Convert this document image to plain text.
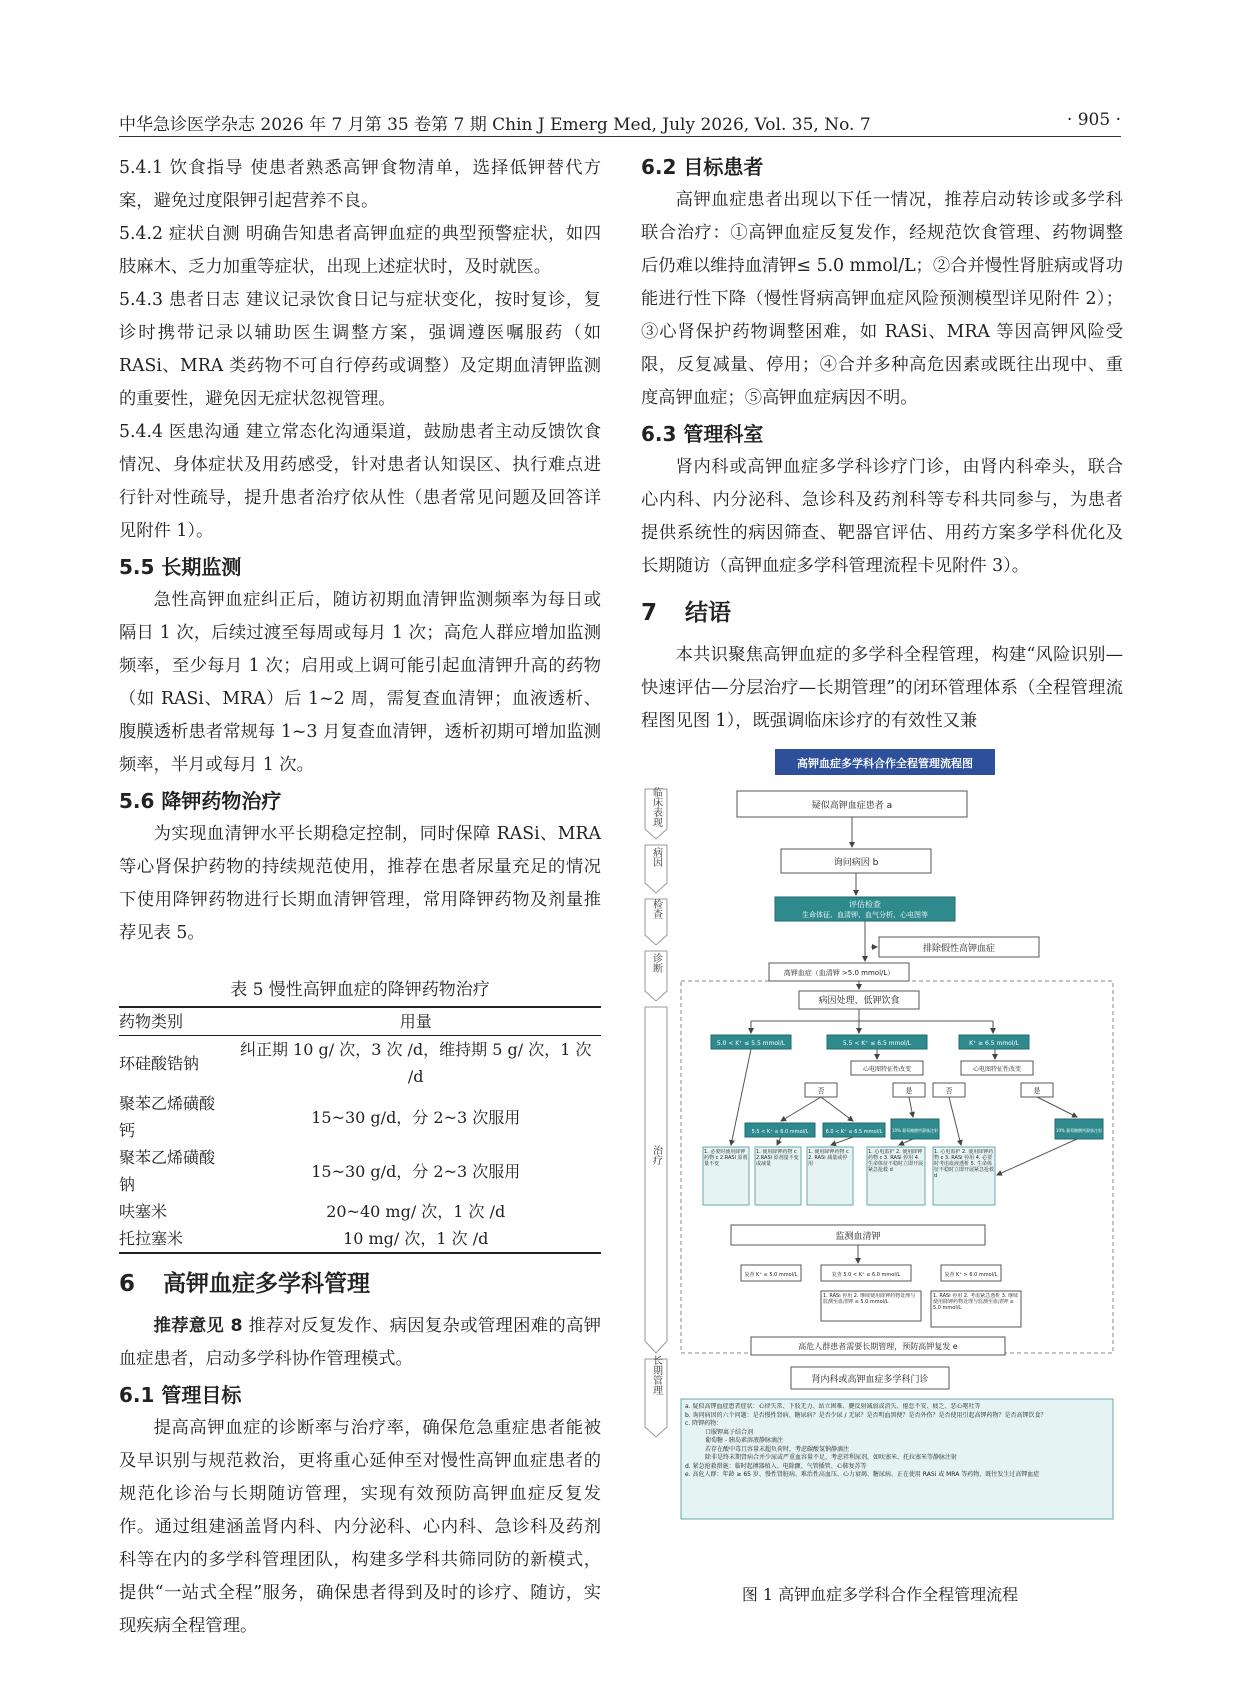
中华急诊医学杂志 2026 年 7 月第 35 卷第 7 期 Chin J Emerg Med, July 2026, Vol. 35, No. 7	· 905 ·

5.4.1 饮食指导 使患者熟悉高钾食物清单，选择低钾替代方案，避免过度限钾引起营养不良。

5.4.2 症状自测 明确告知患者高钾血症的典型预警症状，如四肢麻木、乏力加重等症状，出现上述症状时，及时就医。

5.4.3 患者日志 建议记录饮食日记与症状变化，按时复诊，复诊时携带记录以辅助医生调整方案，强调遵医嘱服药（如 RASi、MRA 类药物不可自行停药或调整）及定期血清钾监测的重要性，避免因无症状忽视管理。

5.4.4 医患沟通 建立常态化沟通渠道，鼓励患者主动反馈饮食情况、身体症状及用药感受，针对患者认知误区、执行难点进行针对性疏导，提升患者治疗依从性（患者常见问题及回答详见附件 1）。

5.5 长期监测

急性高钾血症纠正后，随访初期血清钾监测频率为每日或隔日 1 次，后续过渡至每周或每月 1 次；高危人群应增加监测频率，至少每月 1 次；启用或上调可能引起血清钾升高的药物（如 RASi、MRA）后 1~2 周，需复查血清钾；血液透析、腹膜透析患者常规每 1~3 月复查血清钾，透析初期可增加监测频率，半月或每月 1 次。

5.6 降钾药物治疗

为实现血清钾水平长期稳定控制，同时保障 RASi、MRA 等心肾保护药物的持续规范使用，推荐在患者尿量充足的情况下使用降钾药物进行长期血清钾管理，常用降钾药物及剂量推荐见表 5。

表 5 慢性高钾血症的降钾药物治疗
药物类别	用量
环硅酸锆钠	纠正期 10 g/ 次，3 次 /d，维持期 5 g/ 次，1 次 /d
聚苯乙烯磺酸钙	15~30 g/d，分 2~3 次服用
聚苯乙烯磺酸钠	15~30 g/d，分 2~3 次服用
呋塞米	20~40 mg/ 次，1 次 /d
托拉塞米	10 mg/ 次，1 次 /d
6 高钾血症多学科管理

推荐意见 8 推荐对反复发作、病因复杂或管理困难的高钾血症患者，启动多学科协作管理模式。

6.1 管理目标

提高高钾血症的诊断率与治疗率，确保危急重症患者能被及早识别与规范救治，更将重心延伸至对慢性高钾血症患者的规范化诊治与长期随访管理，实现有效预防高钾血症反复发作。通过组建涵盖肾内科、内分泌科、心内科、急诊科及药剂科等在内的多学科管理团队，构建多学科共筛同防的新模式，提供“一站式全程”服务，确保患者得到及时的诊疗、随访，实现疾病全程管理。

6.2 目标患者

高钾血症患者出现以下任一情况，推荐启动转诊或多学科联合治疗：①高钾血症反复发作，经规范饮食管理、药物调整后仍难以维持血清钾≤ 5.0 mmol/L；②合并慢性肾脏病或肾功能进行性下降（慢性肾病高钾血症风险预测模型详见附件 2）；③心肾保护药物调整困难，如 RASi、MRA 等因高钾风险受限，反复减量、停用；④合并多种高危因素或既往出现中、重度高钾血症；⑤高钾血症病因不明。

6.3 管理科室

肾内科或高钾血症多学科诊疗门诊，由肾内科牵头，联合心内科、内分泌科、急诊科及药剂科等专科共同参与，为患者提供系统性的病因筛查、靶器官评估、用药方案多学科优化及长期随访（高钾血症多学科管理流程卡见附件 3）。

7 结语

本共识聚焦高钾血症的多学科全程管理，构建“风险识别—快速评估—分层治疗—长期管理”的闭环管理体系（全程管理流程图见图 1），既强调临床诊疗的有效性又兼

高钾血症多学科合作全程管理流程图
临床表现
病因
检查
诊断
治疗
长期管理
疑似高钾血症患者 a
询问病因 b
排除假性高钾血症
高钾血症（血清钾 >5.0 mmol/L）
病因处理、低钾饮食
心电图特征性改变	心电图特征性改变
否	是	否	是
监测血清钾
复查 K⁺ ≤ 5.0 mmol/L	复查 5.0 < K⁺ ≤ 6.0 mmol/L	复查 K⁺ > 6.0 mmol/L
高危人群患者需要长期管理，预防高钾复发 e
肾内科或高钾血症多学科门诊
评估检查
生命体征、血清钾、血气分析、心电图等
5.0 < K⁺ ≤ 5.5 mmol/L	5.5 < K⁺ ≤ 6.5 mmol/L	K⁺ ≥ 6.5 mmol/L
5.5 < K⁺ ≤ 6.0 mmol/L	6.0 < K⁺ ≤ 6.5 mmol/L 10% 葡萄糖酸钙静脉注射	10% 葡萄糖酸钙静脉注射
1. 必要时使用降钾药物 c 2.RASi 原剂量不变
1. 使用降钾药物 c 2.RASi 原剂量不变或减量
1. 使用降钾药物 c 2. RASi 减量或停用
1. 心电监护 2. 使用降钾药物 c 3. RASi 停用 4. 生命体征不稳时立即开展紧急抢救 d
1. 心电监护 2. 使用降钾药物 c 3. RASi 停用 4. 必要时考虑血液透析 5. 生命体征不稳时立即开展紧急抢救 d
1. RASi 停用 2. 继续使用降钾药物处理与监测至血清钾 ≤ 5.0 mmol/L
1. RASi 停用 2. 考虑紧急透析 3. 继续使用降钾药物处理与监测至血清钾 ≤ 5.0 mmol/L
a. 疑似高钾血症患者症状：心律失常、下肢无力、站立困难、腱反射减弱或消失、倦怠不安、疲乏、恶心呕吐等
b. 询问病因的六个问题：是否慢性肾病、糖尿病？是否少尿 / 无尿？是否明血黑便？是否外伤？是否使用引起高钾药物？是否高钾饮食？
c. 降钾药物：
口服钾离子结合剂
葡萄糖 - 胰岛素溶液静脉滴注
若存在酸中毒且容量未超负荷时，考虑碳酸氢钠静滴注
除非是终末期肾病合并少尿或严重血容量不足，考虑袢利尿剂，如呋塞米、托拉塞米等静脉注射
d. 紧急抢救措施：临时起搏器植入、电除颤、气管插管、心肺复苏等
e. 高危人群：年龄 ≥ 65 岁、慢性肾脏病、难治性高血压、心力衰竭、糖尿病、正在使用 RASi 或 MRA 等药物、既往发生过高钾血症
图 1 高钾血症多学科合作全程管理流程
